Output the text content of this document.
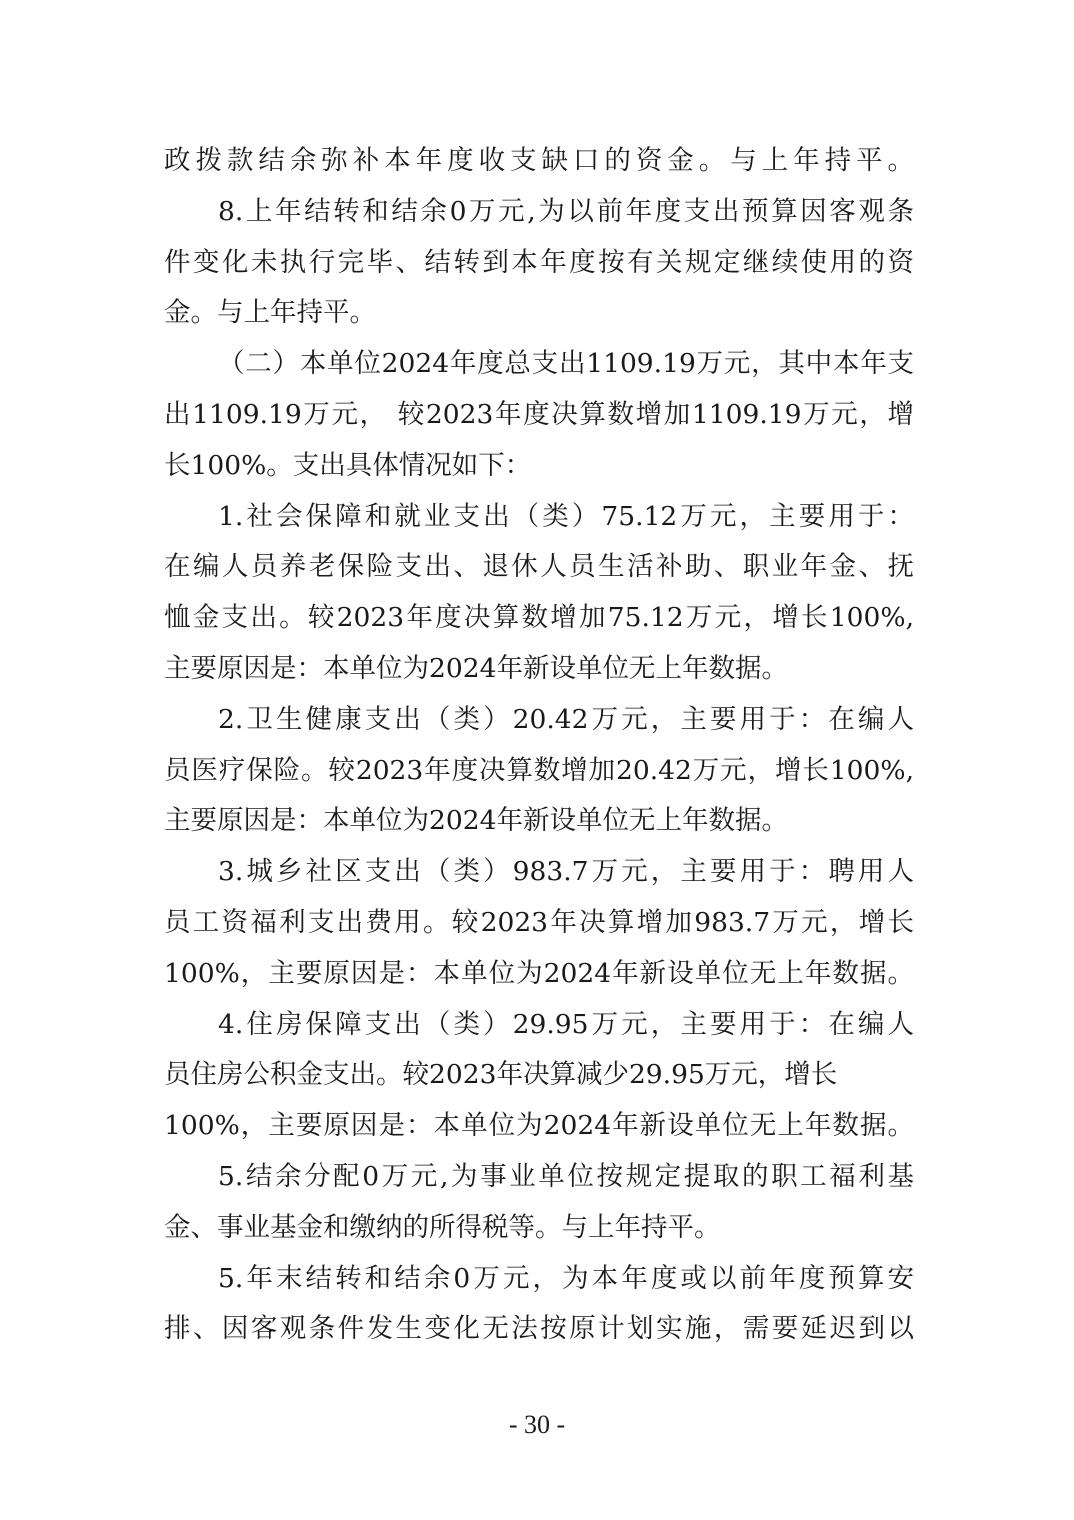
政拨款结余弥补本年度收支缺口的资金。与上年持平。
8.上年结转和结余0万元,为以前年度支出预算因客观条
件变化未执行完毕、结转到本年度按有关规定继续使用的资
金。与上年持平。
（二）本单位2024年度总支出1109.19万元，其中本年支
出1109.19万元， 较2023年度决算数增加1109.19万元，增
长100%。支出具体情况如下：
1.社会保障和就业支出（类）75.12万元，主要用于：
在编人员养老保险支出、退休人员生活补助、职业年金、抚
恤金支出。较2023年度决算数增加75.12万元，增长100%,
主要原因是：本单位为2024年新设单位无上年数据。
2.卫生健康支出（类）20.42万元，主要用于：在编人
员医疗保险。较2023年度决算数增加20.42万元，增长100%,
主要原因是：本单位为2024年新设单位无上年数据。
3.城乡社区支出（类）983.7万元，主要用于：聘用人
员工资福利支出费用。较2023年决算增加983.7万元，增长
100%，主要原因是：本单位为2024年新设单位无上年数据。
4.住房保障支出（类）29.95万元，主要用于：在编人
员住房公积金支出。较2023年决算减少29.95万元，增长
100%，主要原因是：本单位为2024年新设单位无上年数据。
5.结余分配0万元,为事业单位按规定提取的职工福利基
金、事业基金和缴纳的所得税等。与上年持平。
5.年末结转和结余0万元，为本年度或以前年度预算安
排、因客观条件发生变化无法按原计划实施，需要延迟到以
- 30 -
